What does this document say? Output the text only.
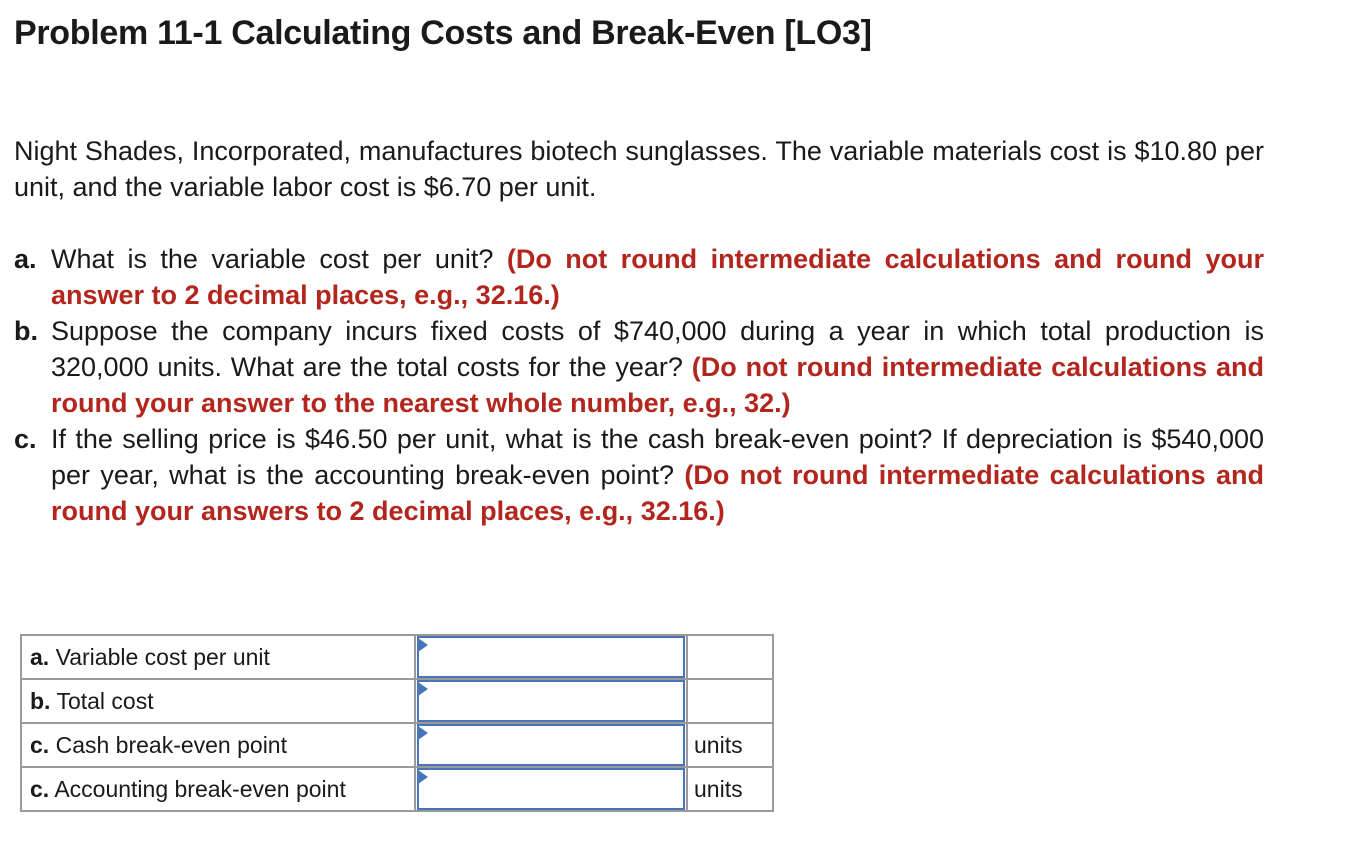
Problem 11-1 Calculating Costs and Break-Even [LO3]

Night Shades, Incorporated, manufactures biotech sunglasses. The variable materials cost is $10.80 per unit, and the variable labor cost is $6.70 per unit.

a. What is the variable cost per unit? (Do not round intermediate calculations and round your answer to 2 decimal places, e.g., 32.16.)
b. Suppose the company incurs fixed costs of $740,000 during a year in which total production is 320,000 units. What are the total costs for the year? (Do not round intermediate calculations and round your answer to the nearest whole number, e.g., 32.)
c. If the selling price is $46.50 per unit, what is the cash break-even point? If depreciation is $540,000 per year, what is the accounting break-even point? (Do not round intermediate calculations and round your answers to 2 decimal places, e.g., 32.16.)
a. Variable cost per unit	

b. Total cost	

c. Cash break-even point		units
c. Accounting break-even point		units
